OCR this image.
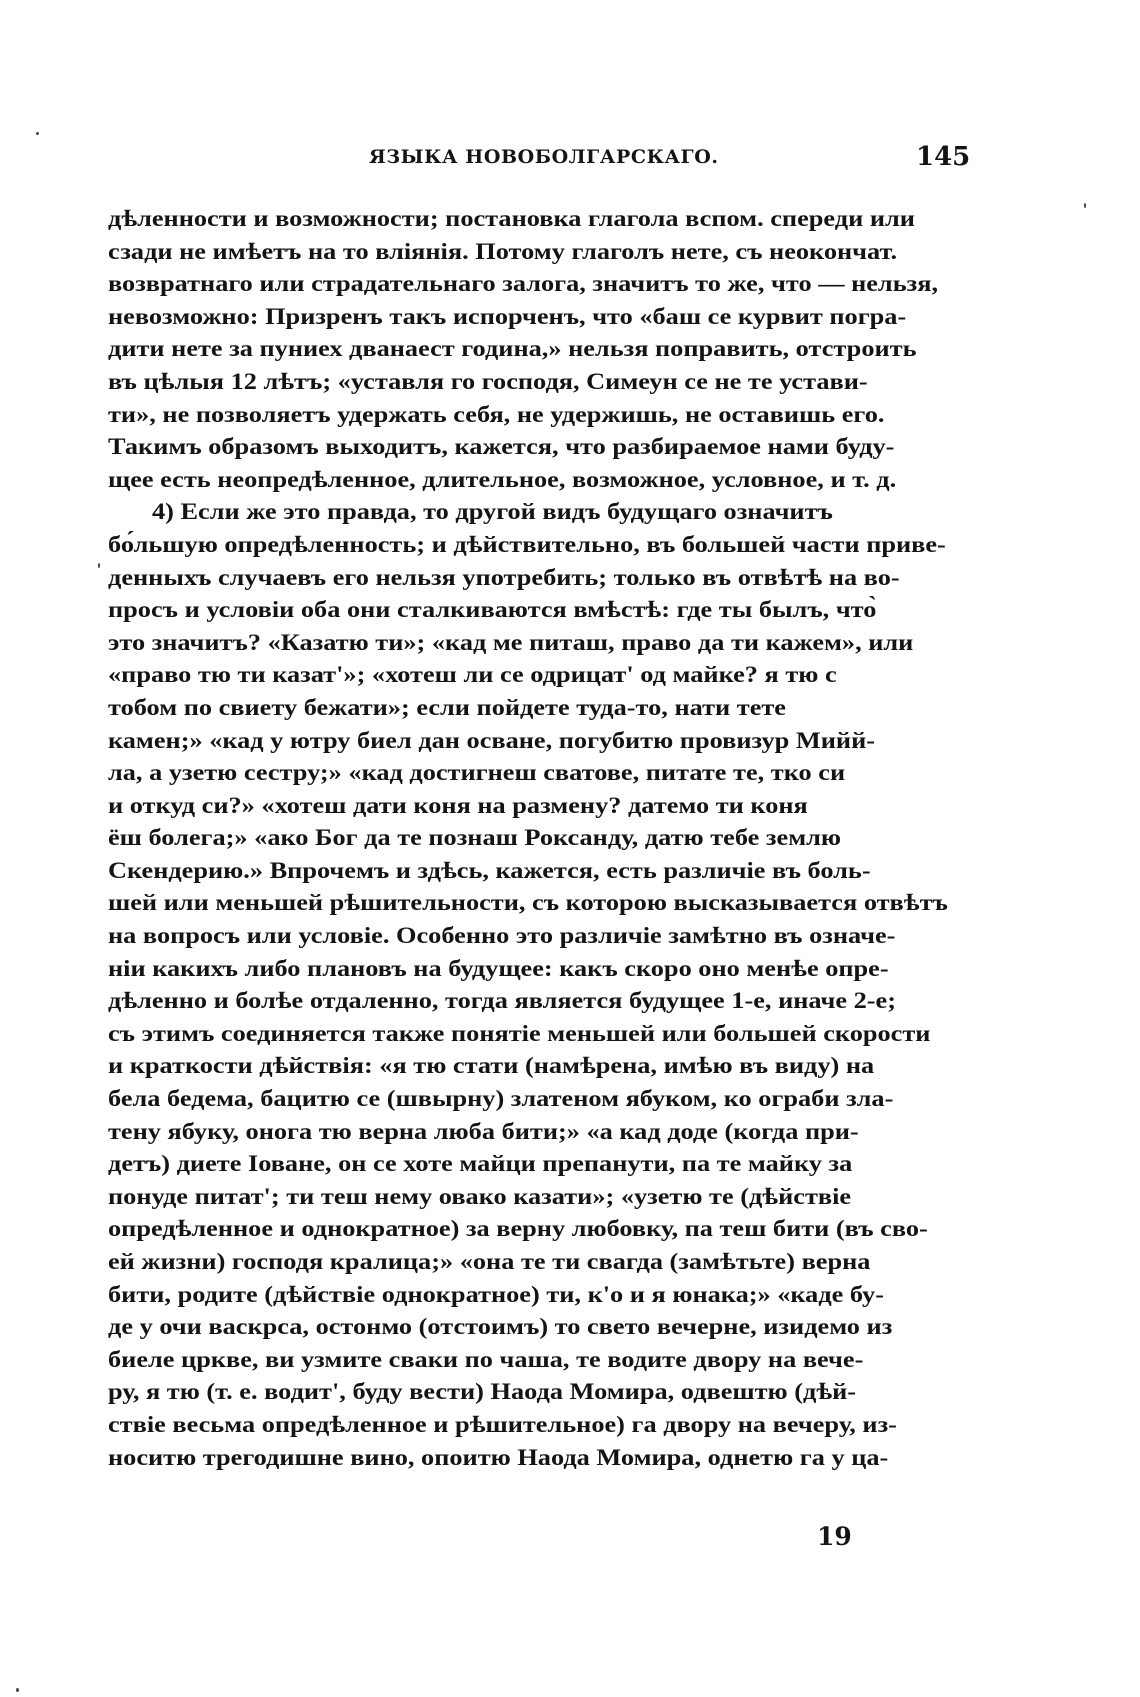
ЯЗЫКА НОВОБОЛГАРСКАГО.	145
дѣленности и возможности; постановка глагола вспом. спереди или
сзади не имѣетъ на то вліянія. Потому глаголъ нете, съ неокончат.
возвратнаго или страдательнаго залога, значитъ то же, что — нельзя,
невозможно: Призренъ такъ испорченъ, что «баш се курвит погра-
дити нете за пуниех дванаест година,» нельзя поправить, отстроить
въ цѣлыя 12 лѣтъ; «уставля го господя, Симеун се не те устави-
ти», не позволяетъ удержать себя, не удержишь, не оставишь его.
Такимъ образомъ выходитъ, кажется, что разбираемое нами буду-
щее есть неопредѣленное, длительное, возможное, условное, и т. д.
4) Если же это правда, то другой видъ будущаго означитъ
бо́льшую опредѣленность; и дѣйствительно, въ большей части приве-
денныхъ случаевъ его нельзя употребить; только въ отвѣтѣ на во-
просъ и условіи оба они сталкиваются вмѣстѣ: где ты былъ, что̀
это значитъ? «Казатю ти»; «кад ме питаш, право да ти кажем», или
«право тю ти казат'»; «хотеш ли се одрицат' од майке? я тю с
тобом по свиету бежати»; если пойдете туда-то, нати тете
камен;» «кад у ютру биел дан осване, погубитю провизур Мийй-
ла, а узетю сестру;» «кад достигнеш сватове, питате те, тко си
и откуд си?» «хотеш дати коня на размену? датемо ти коня
ёш болега;» «ако Бог да те познаш Роксанду, датю тебе землю
Скендерию.» Впрочемъ и здѣсь, кажется, есть различіе въ боль-
шей или меньшей рѣшительности, съ которою высказывается отвѣтъ
на вопросъ или условіе. Особенно это различіе замѣтно въ означе-
ніи какихъ либо плановъ на будущее: какъ скоро оно менѣе опре-
дѣленно и болѣе отдаленно, тогда является будущее 1-е, иначе 2-е;
съ этимъ соединяется также понятіе меньшей или большей скорости
и краткости дѣйствія: «я тю стати (намѣрена, имѣю въ виду) на
бела бедема, бацитю се (швырну) златеном ябуком, ко ограби зла-
тену ябуку, онога тю верна люба бити;» «а кад доде (когда при-
детъ) диете Іоване, он се хоте майци препанути, па те майку за
понуде питат'; ти теш нему овако казати»; «узетю те (дѣйствіе
опредѣленное и однократное) за верну любовку, па теш бити (въ сво-
ей жизни) господя кралица;» «она те ти свагда (замѣтьте) верна
бити, родите (дѣйствіе однократное) ти, к'о и я юнака;» «каде бу-
де у очи васкрса, остонмо (отстоимъ) то свето вечерне, изидемо из
биеле цркве, ви узмите сваки по чаша, те водите двору на вече-
ру, я тю (т. е. водит', буду вести) Наода Момира, одвештю (дѣй-
ствіе весьма опредѣленное и рѣшительное) га двору на вечеру, из-
носитю трегодишне вино, опоитю Наода Момира, однетю га у ца-
19
